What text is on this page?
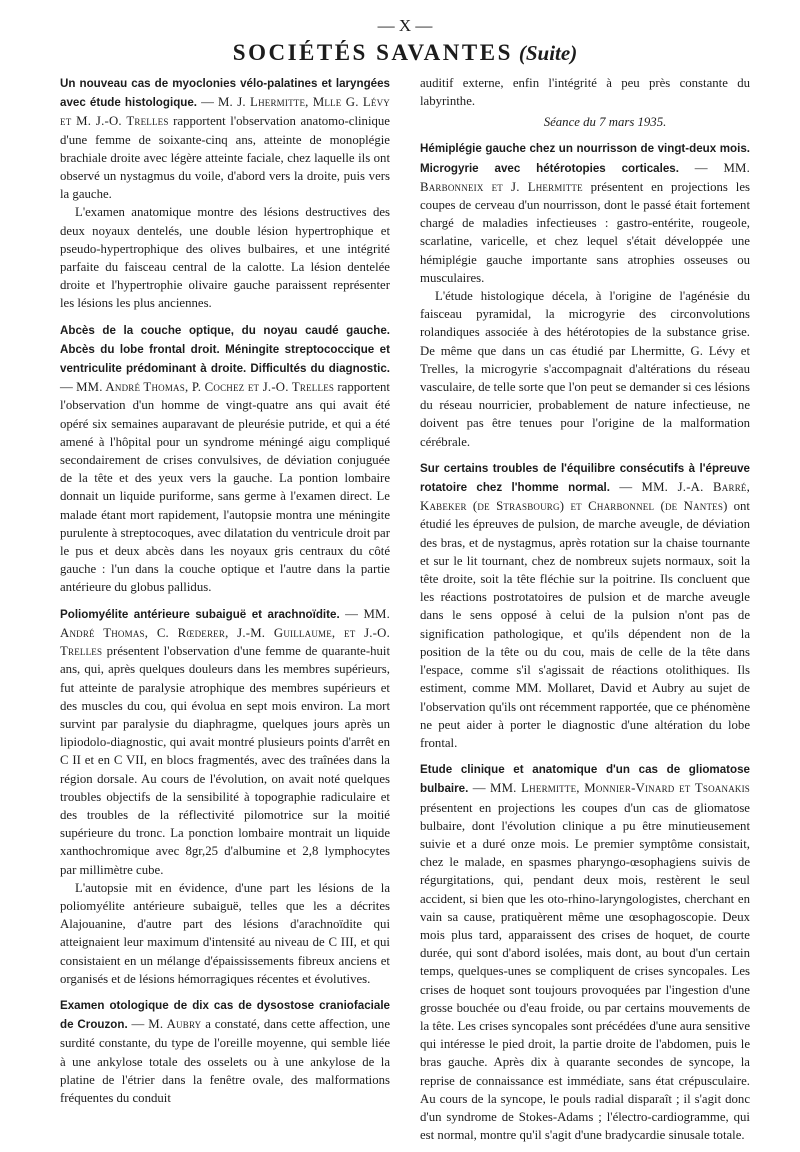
— X —
SOCIÉTÉS SAVANTES (Suite)

Un nouveau cas de myoclonies vélo-palatines et laryngées avec étude histologique. — M. J. Lhermitte, Mlle G. Lévy et M. J.-O. Trelles rapportent l'observation anatomo-clinique d'une femme de soixante-cinq ans, atteinte de monoplégie brachiale droite avec légère atteinte faciale, chez laquelle ils ont observé un nystagmus du voile, d'abord vers la droite, puis vers la gauche.

L'examen anatomique montre des lésions destructives des deux noyaux dentelés, une double lésion hypertrophique et pseudo-hypertrophique des olives bulbaires, et une intégrité parfaite du faisceau central de la calotte. La lésion dentelée droite et l'hypertrophie olivaire gauche paraissent représenter les lésions les plus anciennes.

Abcès de la couche optique, du noyau caudé gauche. Abcès du lobe frontal droit. Méningite streptococcique et ventriculite prédominant à droite. Difficultés du diagnostic. — MM. André Thomas, P. Cochez et J.-O. Trelles rapportent l'observation d'un homme de vingt-quatre ans qui avait été opéré six semaines auparavant de pleurésie putride, et qui a été amené à l'hôpital pour un syndrome méningé aigu compliqué secondairement de crises convulsives, de déviation conjuguée de la tête et des yeux vers la gauche. La pontion lombaire donnait un liquide puriforme, sans germe à l'examen direct. Le malade étant mort rapidement, l'autopsie montra une méningite purulente à streptocoques, avec dilatation du ventricule droit par le pus et deux abcès dans les noyaux gris centraux du côté gauche : l'un dans la couche optique et l'autre dans la partie antérieure du globus pallidus.

Poliomyélite antérieure subaiguë et arachnoïdite. — MM. André Thomas, C. Rœderer, J.-M. Guillaume, et J.-O. Trelles présentent l'observation d'une femme de quarante-huit ans, qui, après quelques douleurs dans les membres supérieurs, fut atteinte de paralysie atrophique des membres supérieurs et des muscles du cou, qui évolua en sept mois environ. La mort survint par paralysie du diaphragme, quelques jours après un lipiodolo-diagnostic, qui avait montré plusieurs points d'arrêt en C II et en C VII, en blocs fragmentés, avec des traînées dans la région dorsale. Au cours de l'évolution, on avait noté quelques troubles objectifs de la sensibilité à topographie radiculaire et des troubles de la réflectivité pilomotrice sur la moitié supérieure du tronc. La ponction lombaire montrait un liquide xanthochromique avec 8gr,25 d'albumine et 2,8 lymphocytes par millimètre cube.

L'autopsie mit en évidence, d'une part les lésions de la poliomyélite antérieure subaiguë, telles que les a décrites Alajouanine, d'autre part des lésions d'arachnoïdite qui atteignaient leur maximum d'intensité au niveau de C III, et qui consistaient en un mélange d'épaississements fibreux anciens et organisés et de lésions hémorragiques récentes et évolutives.

Examen otologique de dix cas de dysostose craniofaciale de Crouzon. — M. Aubry a constaté, dans cette affection, une surdité constante, du type de l'oreille moyenne, qui semble liée à une ankylose totale des osselets ou à une ankylose de la platine de l'étrier dans la fenêtre ovale, des malformations fréquentes du conduit

auditif externe, enfin l'intégrité à peu près constante du labyrinthe.

Séance du 7 mars 1935.

Hémiplégie gauche chez un nourrisson de vingt-deux mois. Microgyrie avec hétérotopies corticales. — MM. Barbonneix et J. Lhermitte présentent en projections les coupes de cerveau d'un nourrisson, dont le passé était fortement chargé de maladies infectieuses : gastro-entérite, rougeole, scarlatine, varicelle, et chez lequel s'était développée une hémiplégie gauche importante sans atrophies osseuses ou musculaires.

L'étude histologique décela, à l'origine de l'agénésie du faisceau pyramidal, la microgyrie des circonvolutions rolandiques associée à des hétérotopies de la substance grise. De même que dans un cas étudié par Lhermitte, G. Lévy et Trelles, la microgyrie s'accompagnait d'altérations du réseau vasculaire, de telle sorte que l'on peut se demander si ces lésions du réseau nourricier, probablement de nature infectieuse, ne doivent pas être tenues pour l'origine de la malformation cérébrale.

Sur certains troubles de l'équilibre consécutifs à l'épreuve rotatoire chez l'homme normal. — MM. J.-A. Barré, Kabeker (de Strasbourg) et Charbonnel (de Nantes) ont étudié les épreuves de pulsion, de marche aveugle, de déviation des bras, et de nystagmus, après rotation sur la chaise tournante et sur le lit tournant, chez de nombreux sujets normaux, soit la tête droite, soit la tête fléchie sur la poitrine. Ils concluent que les réactions postrotatoires de pulsion et de marche aveugle dans le sens opposé à celui de la pulsion n'ont pas de signification pathologique, et qu'ils dépendent non de la position de la tête ou du cou, mais de celle de la tête dans l'espace, comme s'il s'agissait de réactions otolithiques. Ils estiment, comme MM. Mollaret, David et Aubry au sujet de l'observation qu'ils ont récemment rapportée, que ce phénomène ne peut aider à porter le diagnostic d'une altération du lobe frontal.

Etude clinique et anatomique d'un cas de gliomatose bulbaire. — MM. Lhermitte, Monnier-Vinard et Tsoanakis présentent en projections les coupes d'un cas de gliomatose bulbaire, dont l'évolution clinique a pu être minutieusement suivie et a duré onze mois. Le premier symptôme consistait, chez le malade, en spasmes pharyngo-œsophagiens suivis de régurgitations, qui, pendant deux mois, restèrent le seul accident, si bien que les oto-rhino-laryngologistes, cherchant en vain sa cause, pratiquèrent même une œsophagoscopie. Deux mois plus tard, apparaissent des crises de hoquet, de courte durée, qui sont d'abord isolées, mais dont, au bout d'un certain temps, quelques-unes se compliquent de crises syncopales. Les crises de hoquet sont toujours provoquées par l'ingestion d'une grosse bouchée ou d'eau froide, ou par certains mouvements de la tête. Les crises syncopales sont précédées d'une aura sensitive qui intéresse le pied droit, la partie droite de l'abdomen, puis le bras gauche. Après dix à quarante secondes de syncope, la reprise de connaissance est immédiate, sans état crépusculaire. Au cours de la syncope, le pouls radial disparaît ; il s'agit donc d'un syndrome de Stokes-Adams ; l'électro-cardiogramme, qui est normal, montre qu'il s'agit d'une bradycardie sinusale totale.
